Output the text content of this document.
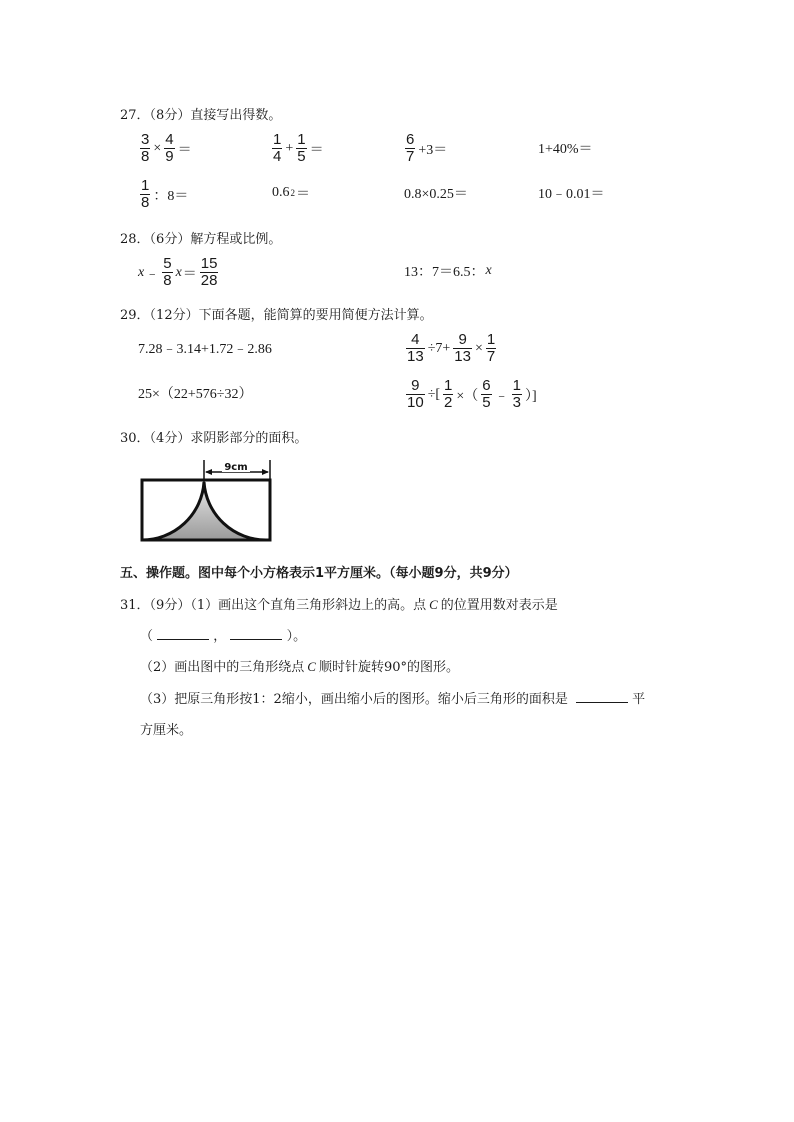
27．（8分）直接写出得数。
$\frac{3}{8} \times \frac{4}{9}$ ＝	$\frac{1}{4} + \frac{1}{5}$ ＝	$\frac{6}{7} +3=$	1+40%＝
$\frac{1}{8}$ ：8＝	0.6 2 ＝	0.8×0.25＝	10﹣0.01＝
28．（6分）解方程或比例。
x ﹣ $\frac{5}{8}$ $x = \frac{15}{28}$	13：7＝6.5： x
29．（12分）下面各题，能简算的要用简便方法计算。
7.28﹣3.14+1.72﹣2.86	$\frac{4}{13} \div 7+ \frac{9}{13} \times \frac{1}{7}$
25×（22+576÷32）	$\frac{9}{10}$ ÷[ $\frac{1}{2}$ ×（ $\frac{6}{5}$ ﹣ $\frac{1}{3}$ ）]
30．（4分）求阴影部分的面积。
9cm
五、操作题。图中每个小方格表示1平方厘米。（每小题9分，共9分）
31．（9分）（1）画出这个直角三角形斜边上的高。点 C 的位置用数对表示是
（	，	）。
（2）画出图中的三角形绕点 C 顺时针旋转90°的图形。
（3）把原三角形按1：2缩小，画出缩小后的图形。缩小后三角形的面积是	平
方厘米。
